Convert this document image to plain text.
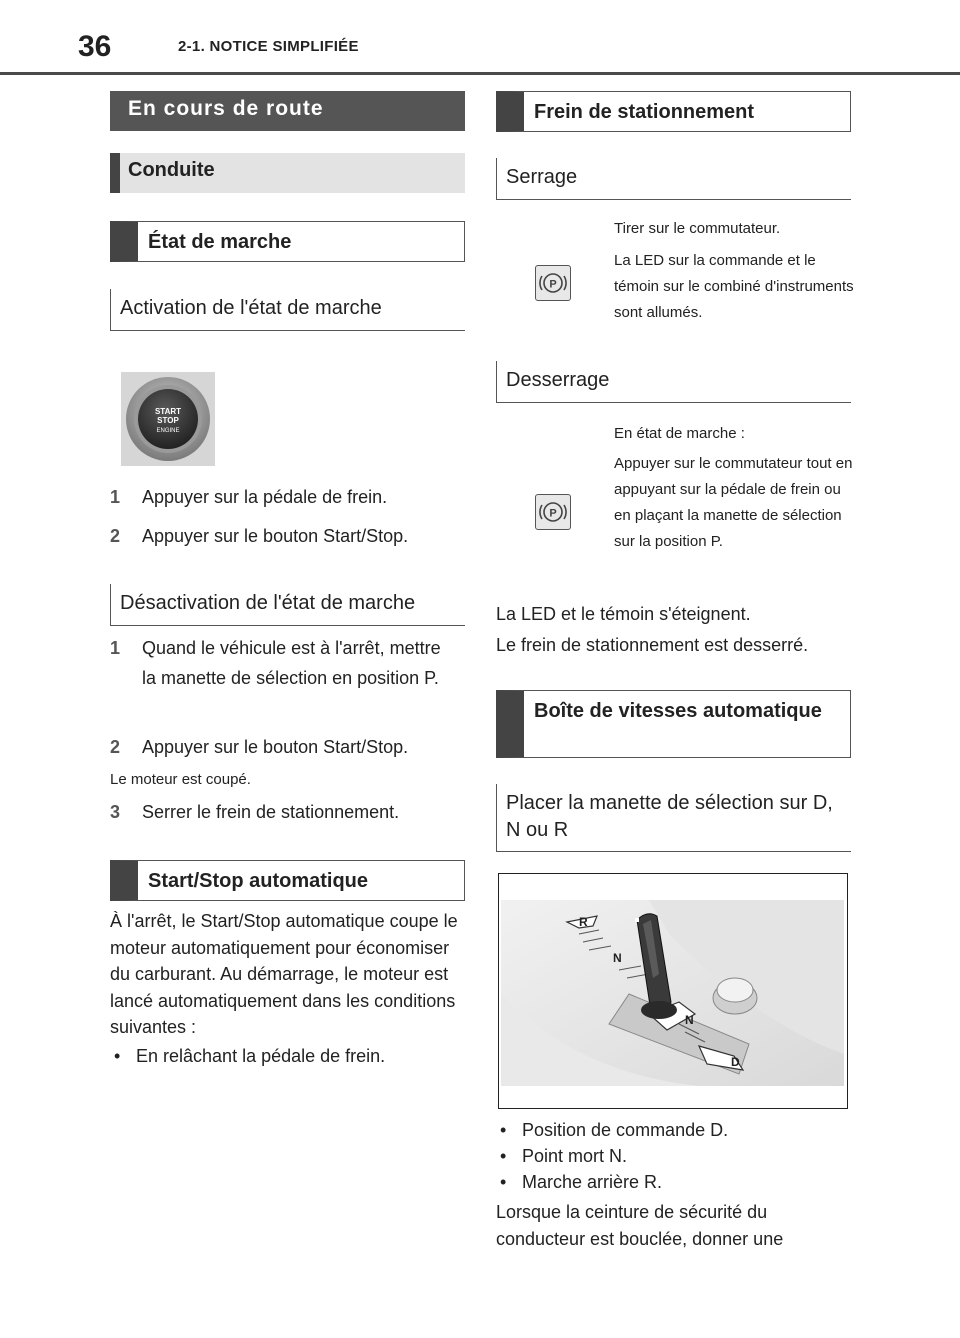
36	2-1. NOTICE SIMPLIFIÉE
En cours de route
Conduite
État de marche
Activation de l'état de marche
START
STOP
ENGINE
1 Appuyer sur la pédale de frein.
2 Appuyer sur le bouton Start/Stop.
Désactivation de l'état de marche
1 Quand le véhicule est à l'arrêt, mettre la manette de sélection en position P.
2 Appuyer sur le bouton Start/Stop.
Le moteur est coupé.
3 Serrer le frein de stationnement.
Start/Stop automatique
À l'arrêt, le Start/Stop automatique coupe le moteur automatiquement pour économiser du carburant. Au démarrage, le moteur est lancé automatiquement dans les conditions suivantes :
• En relâchant la pédale de frein.
Frein de stationnement
Serrage
P
Tirer sur le commutateur.
La LED sur la commande et le témoin sur le combiné d'instruments sont allumés.
Desserrage
P
En état de marche :
Appuyer sur le commutateur tout en appuyant sur la pédale de frein ou en plaçant la manette de sélection sur la position P.
La LED et le témoin s'éteignent.
Le frein de stationnement est desserré.
Boîte de vitesses automatique
Placer la manette de sélection sur D, N ou R
R
N
N
D
• Position de commande D.
• Point mort N.
• Marche arrière R.
Lorsque la ceinture de sécurité du conducteur est bouclée, donner une
